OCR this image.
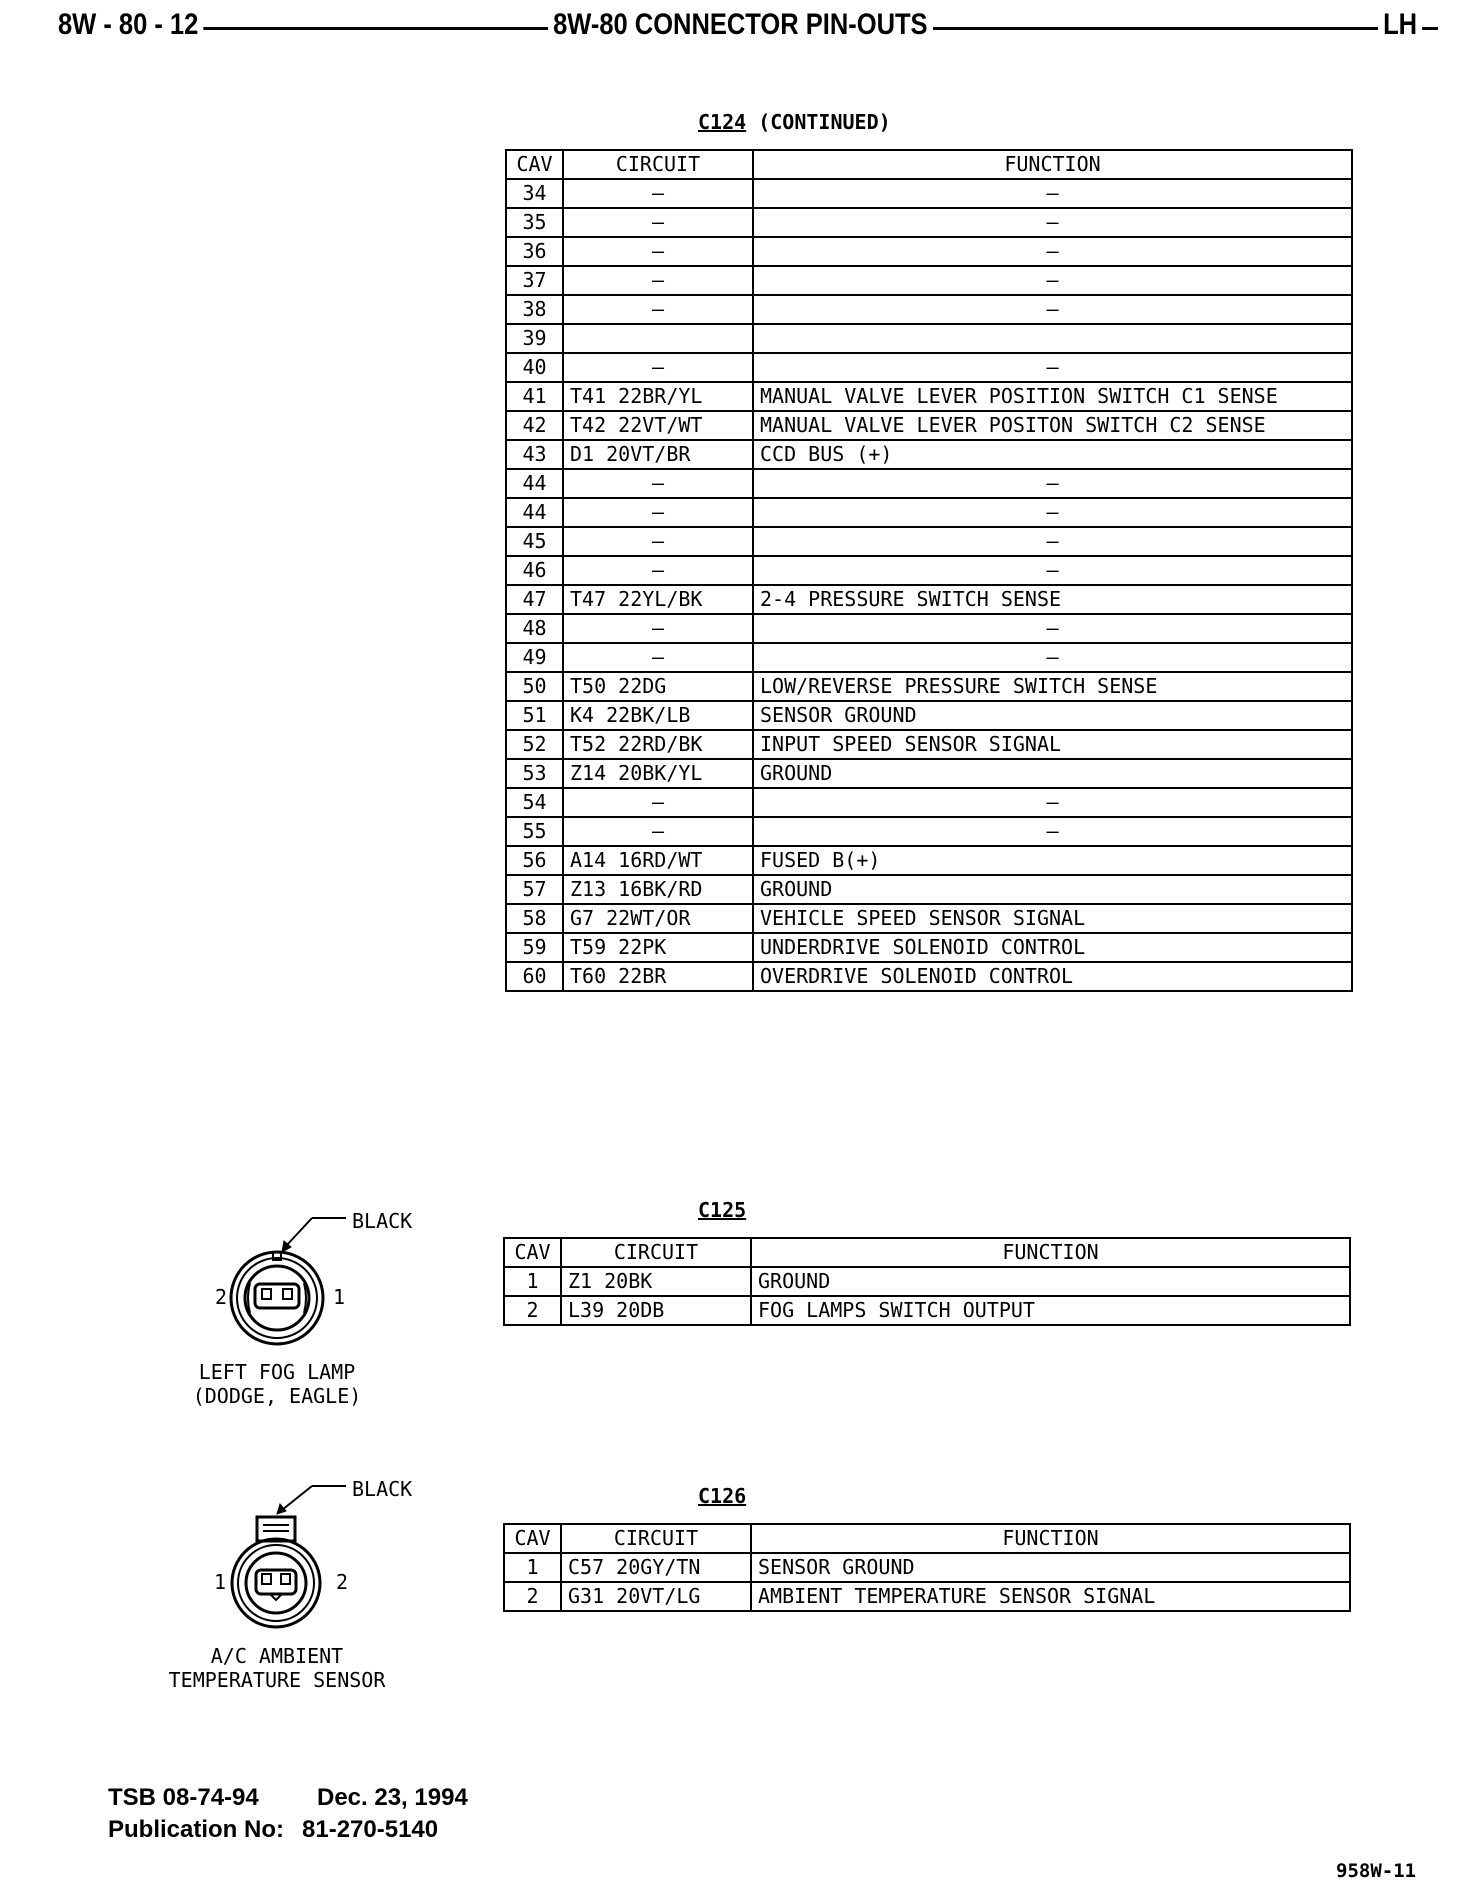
8W - 80 - 12	8W-80 CONNECTOR PIN-OUTS	LH
C124 (CONTINUED)
CAV	CIRCUIT	FUNCTION
34	–	–
35	–	–
36	–	–
37	–	–
38	–	–
39		
40	–	–
41	T41 22BR/YL	MANUAL VALVE LEVER POSITION SWITCH C1 SENSE
42	T42 22VT/WT	MANUAL VALVE LEVER POSITON SWITCH C2 SENSE
43	D1 20VT/BR	CCD BUS (+)
44	–	–
44	–	–
45	–	–
46	–	–
47	T47 22YL/BK	2-4 PRESSURE SWITCH SENSE
48	–	–
49	–	–
50	T50 22DG	LOW/REVERSE PRESSURE SWITCH SENSE
51	K4 22BK/LB	SENSOR GROUND
52	T52 22RD/BK	INPUT SPEED SENSOR SIGNAL
53	Z14 20BK/YL	GROUND
54	–	–
55	–	–
56	A14 16RD/WT	FUSED B(+)
57	Z13 16BK/RD	GROUND
58	G7 22WT/OR	VEHICLE SPEED SENSOR SIGNAL
59	T59 22PK	UNDERDRIVE SOLENOID CONTROL
60	T60 22BR	OVERDRIVE SOLENOID CONTROL
C125
CAV	CIRCUIT	FUNCTION
1	Z1 20BK	GROUND
2	L39 20DB	FOG LAMPS SWITCH OUTPUT
C126
CAV	CIRCUIT	FUNCTION
1	C57 20GY/TN	SENSOR GROUND
2	G31 20VT/LG	AMBIENT TEMPERATURE SENSOR SIGNAL
BLACK
2	1
LEFT FOG LAMP
(DODGE, EAGLE)
BLACK
1	2
A/C AMBIENT
TEMPERATURE SENSOR
TSB 08-74-94 Dec. 23, 1994
Publication No: 81-270-5140
958W-11
